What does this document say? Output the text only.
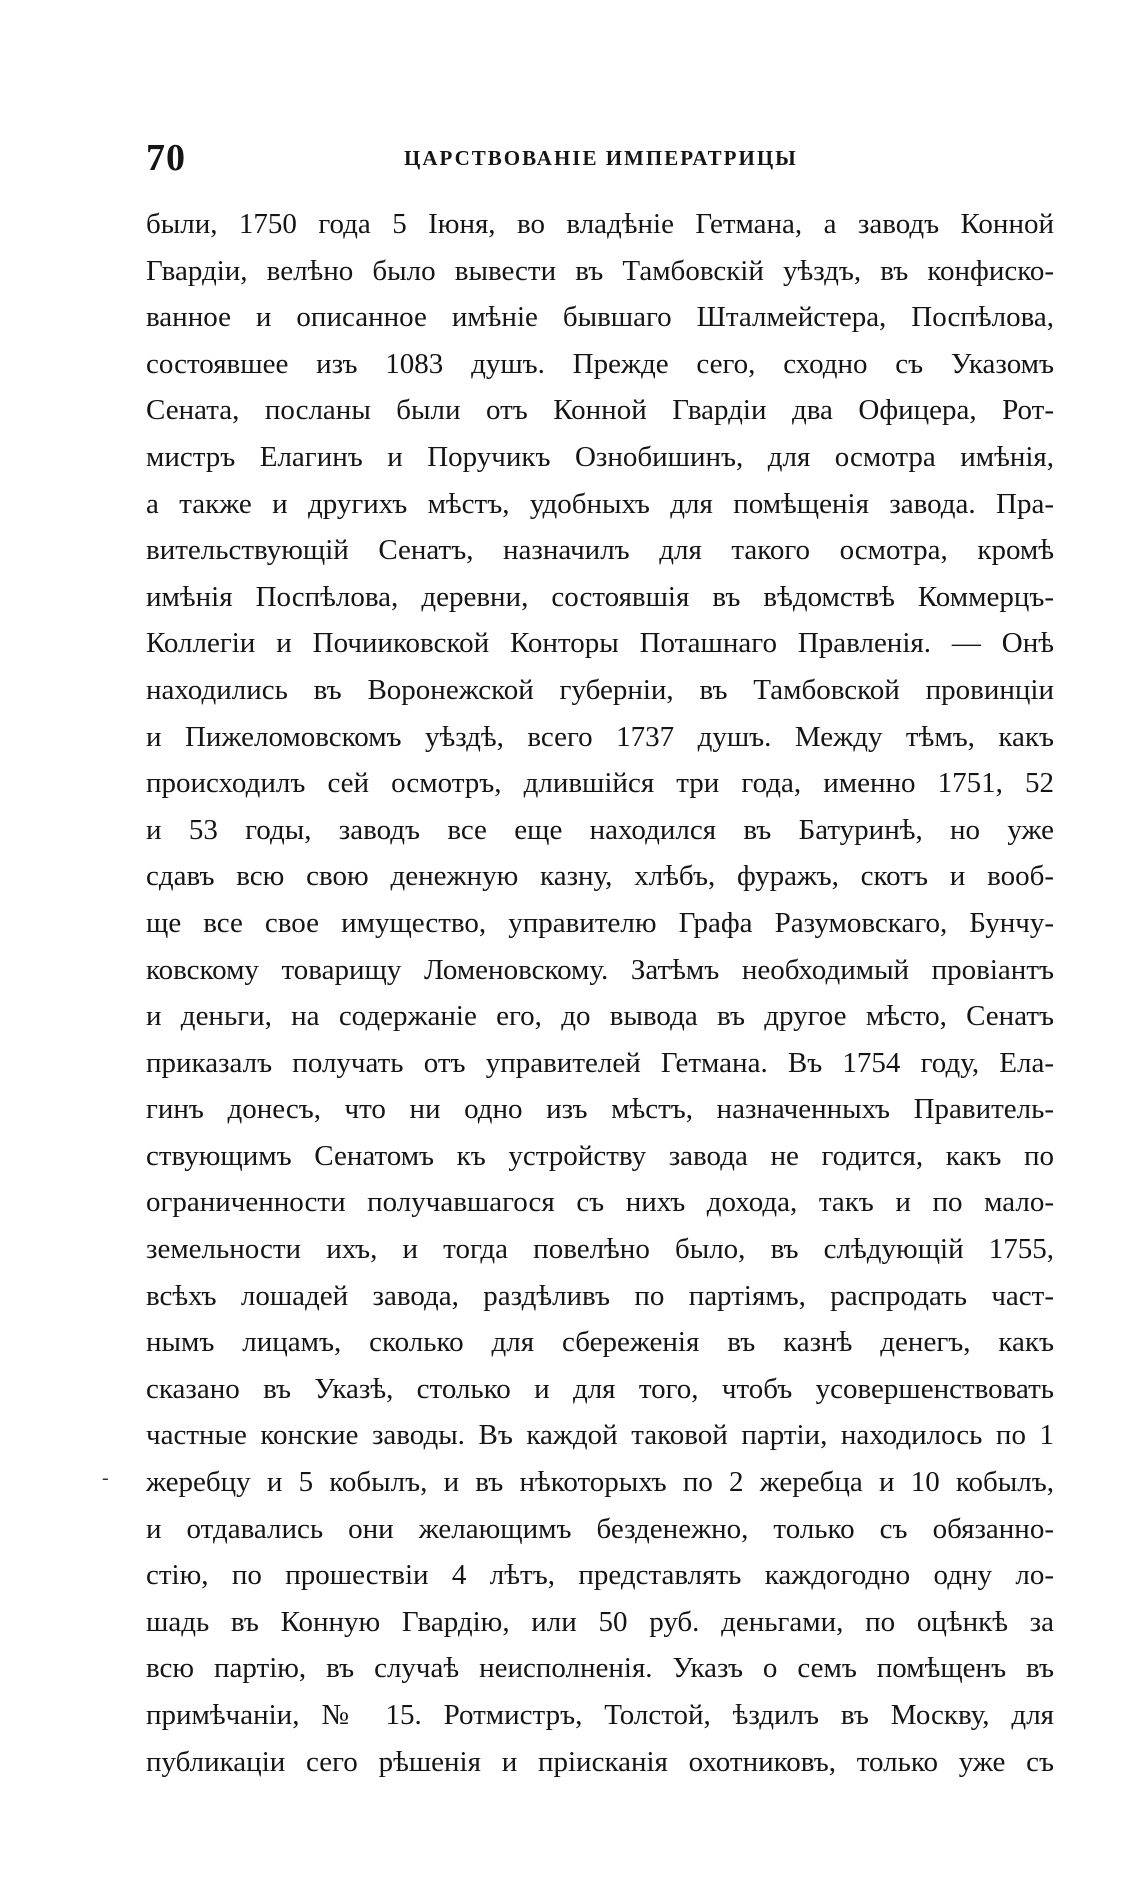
70	ЦАРСТВОВАНІЕ ИМПЕРАТРИЦЫ
были, 1750 года 5 Іюня, во владѣніе Гетмана, а заводъ Конной
Гвардіи, велѣно было вывести въ Тамбовскій уѣздъ, въ конфиско-
ванное и описанное имѣніе бывшаго Шталмейстера, Поспѣлова,
состоявшее изъ 1083 душъ. Прежде сего, сходно съ Указомъ
Сената, посланы были отъ Конной Гвардіи два Офицера, Рот-
мистръ Елагинъ и Поручикъ Ознобишинъ, для осмотра имѣнія,
а также и другихъ мѣстъ, удобныхъ для помѣщенія завода. Пра-
вительствующій Сенатъ, назначилъ для такого осмотра, кромѣ
имѣнія Поспѣлова, деревни, состоявшія въ вѣдомствѣ Коммерцъ-
Коллегіи и Почииковской Конторы Поташнаго Правленія. — Онѣ
находились въ Воронежской губерніи, въ Тамбовской провинціи
и Пижеломовскомъ уѣздѣ, всего 1737 душъ. Между тѣмъ, какъ
происходилъ сей осмотръ, длившійся три года, именно 1751, 52
и 53 годы, заводъ все еще находился въ Батуринѣ, но уже
сдавъ всю свою денежную казну, хлѣбъ, фуражъ, скотъ и вооб-
ще все свое имущество, управителю Графа Разумовскаго, Бунчу-
ковскому товарищу Ломеновскому. Затѣмъ необходимый провіантъ
и деньги, на содержаніе его, до вывода въ другое мѣсто, Сенатъ
приказалъ получать отъ управителей Гетмана. Въ 1754 году, Ела-
гинъ донесъ, что ни одно изъ мѣстъ, назначенныхъ Правитель-
ствующимъ Сенатомъ къ устройству завода не годится, какъ по
ограниченности получавшагося съ нихъ дохода, такъ и по мало-
земельности ихъ, и тогда повелѣно было, въ слѣдующій 1755,
всѣхъ лошадей завода, раздѣливъ по партіямъ, распродать част-
нымъ лицамъ, сколько для сбереженія въ казнѣ денегъ, какъ
сказано въ Указѣ, столько и для того, чтобъ усовершенствовать
частные конские заводы. Въ каждой таковой партіи, находилось по 1
жеребцу и 5 кобылъ, и въ нѣкоторыхъ по 2 жеребца и 10 кобылъ,
и отдавались они желающимъ безденежно, только съ обязанно-
стію, по прошествіи 4 лѣтъ, представлять каждогодно одну ло-
шадь въ Конную Гвардію, или 50 руб. деньгами, по оцѣнкѣ за
всю партію, въ случаѣ неисполненія. Указъ о семъ помѣщенъ въ
примѣчаніи, № 15. Ротмистръ, Толстой, ѣздилъ въ Москву, для
публикаціи сего рѣшенія и пріисканія охотниковъ, только уже съ
-
